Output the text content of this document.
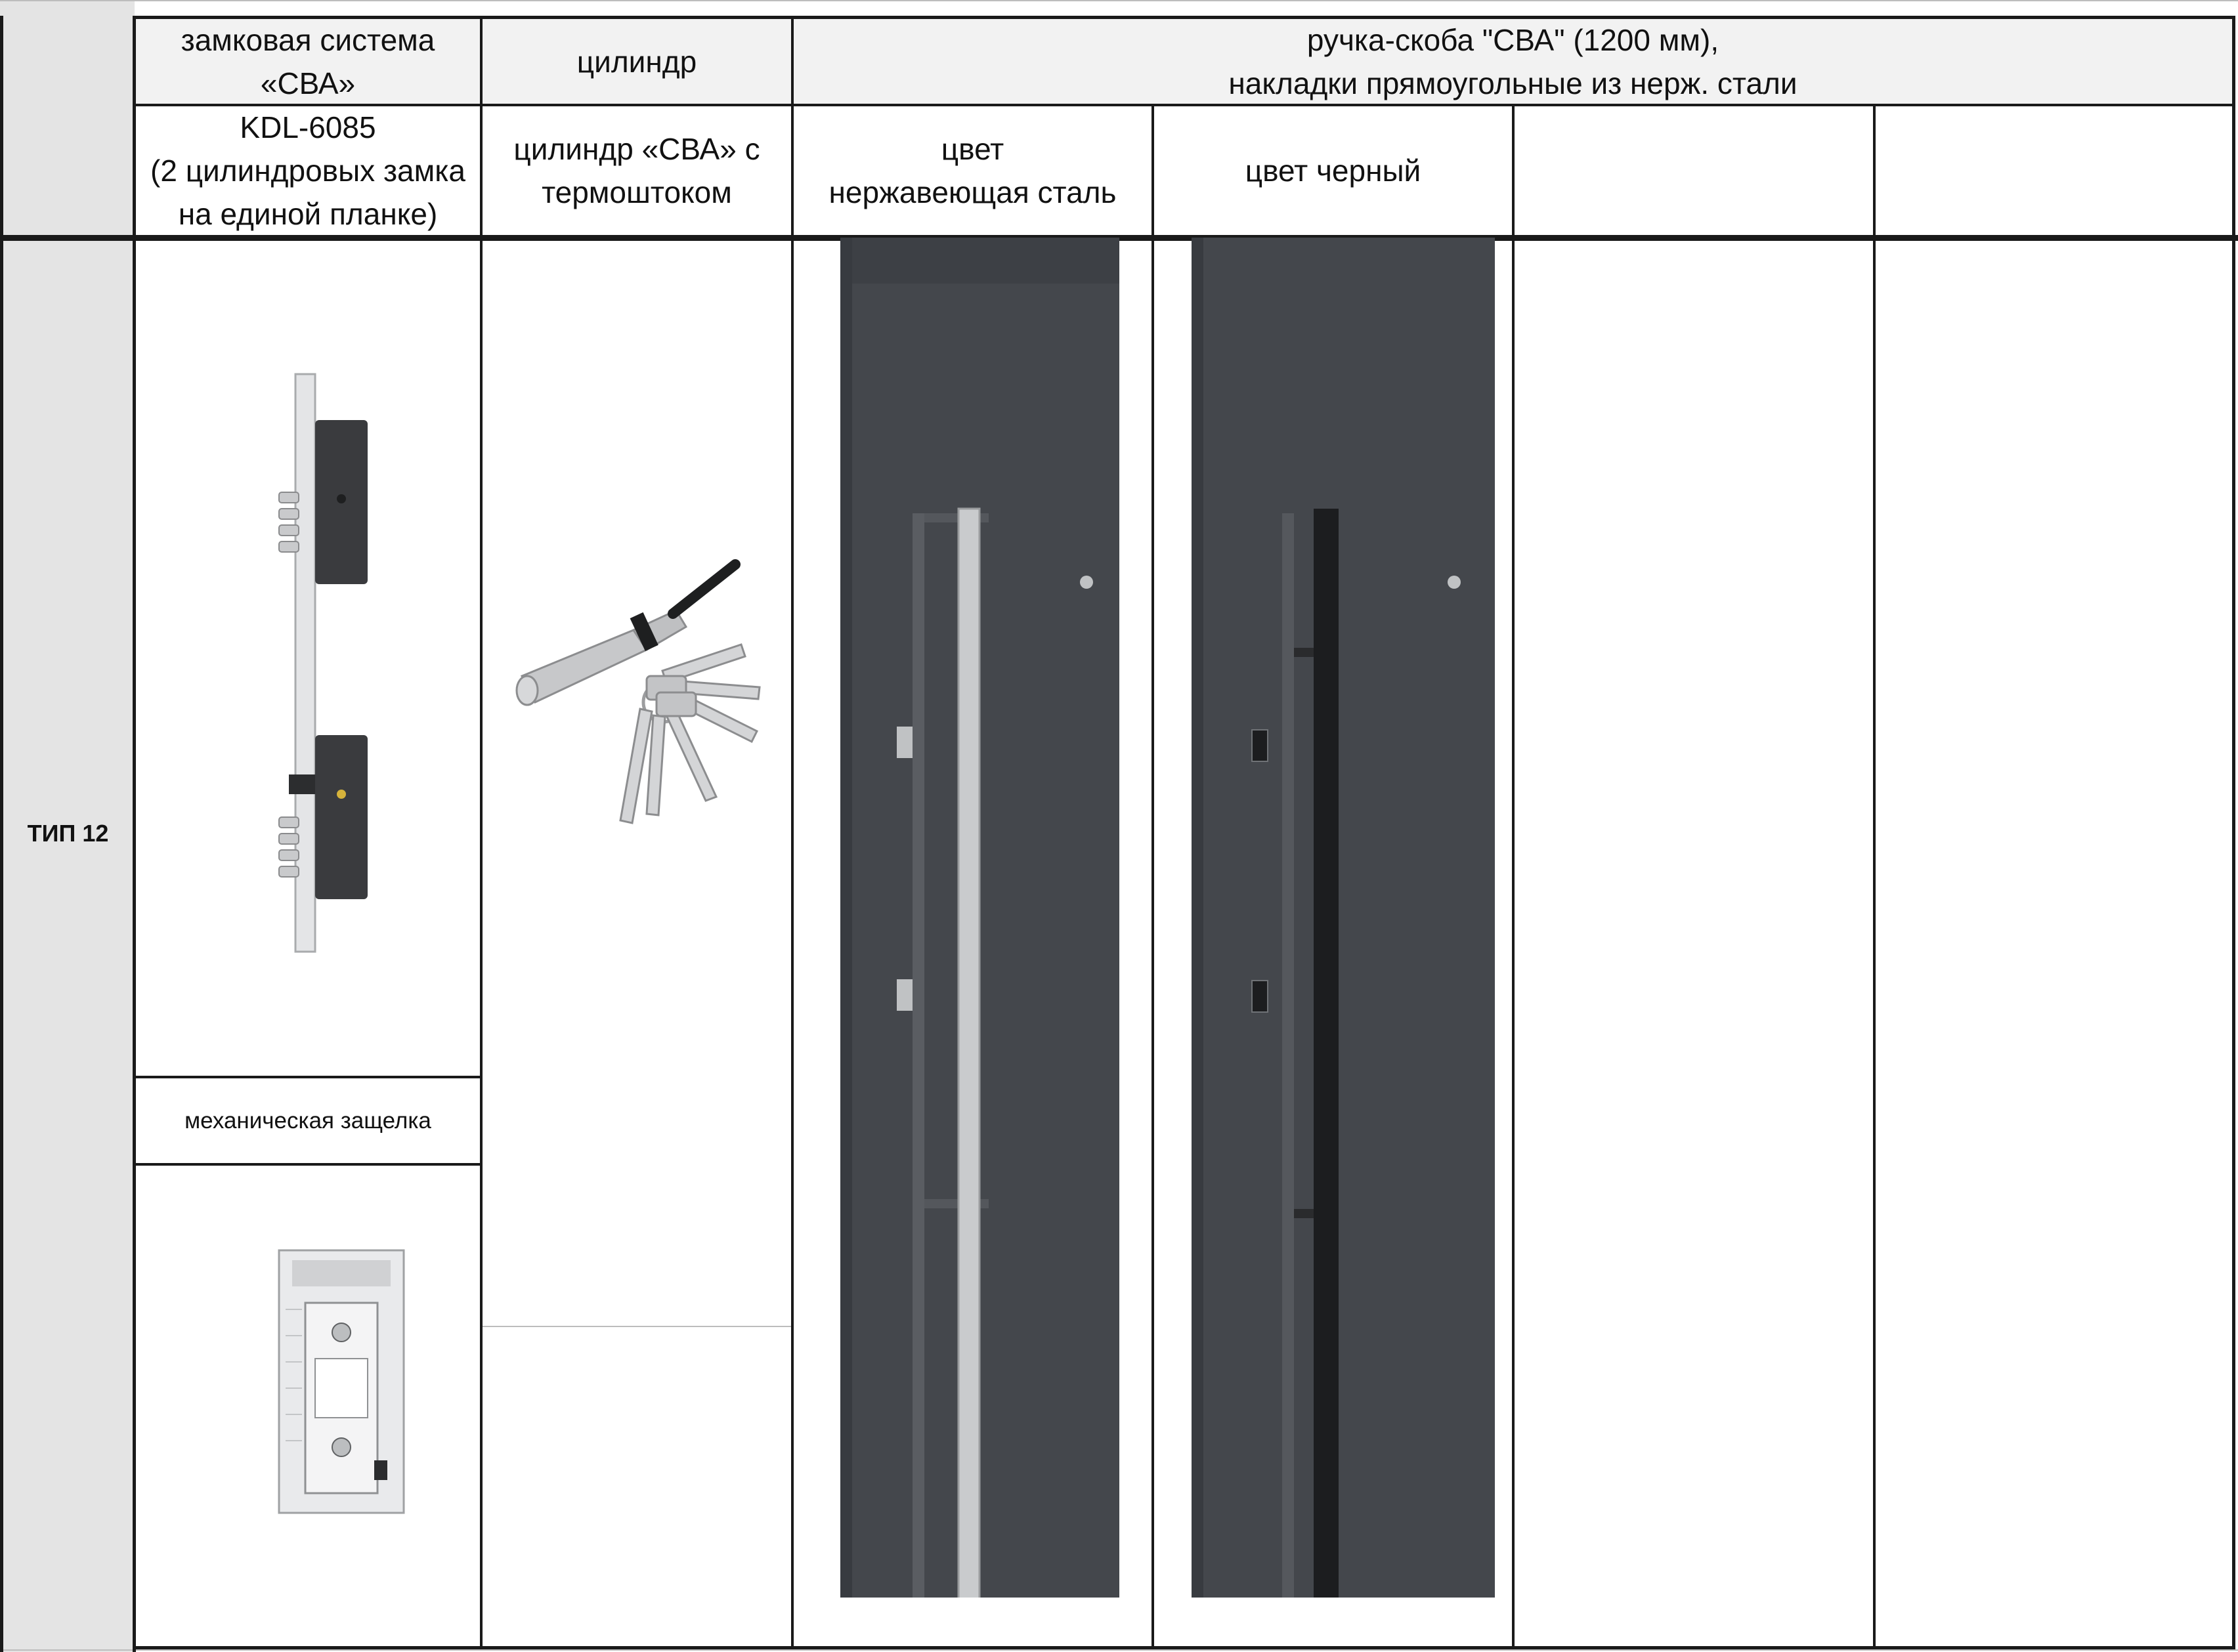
замковая система
«СВА»
цилиндр
ручка-скоба "СВА" (1200 мм),
накладки прямоугольные из нерж. стали
KDL-6085
(2 цилиндровых замка
на единой планке)
цилиндр «СВА» с
термоштоком
цвет
нержавеющая сталь
цвет черный
ТИП 12
механическая защелка
